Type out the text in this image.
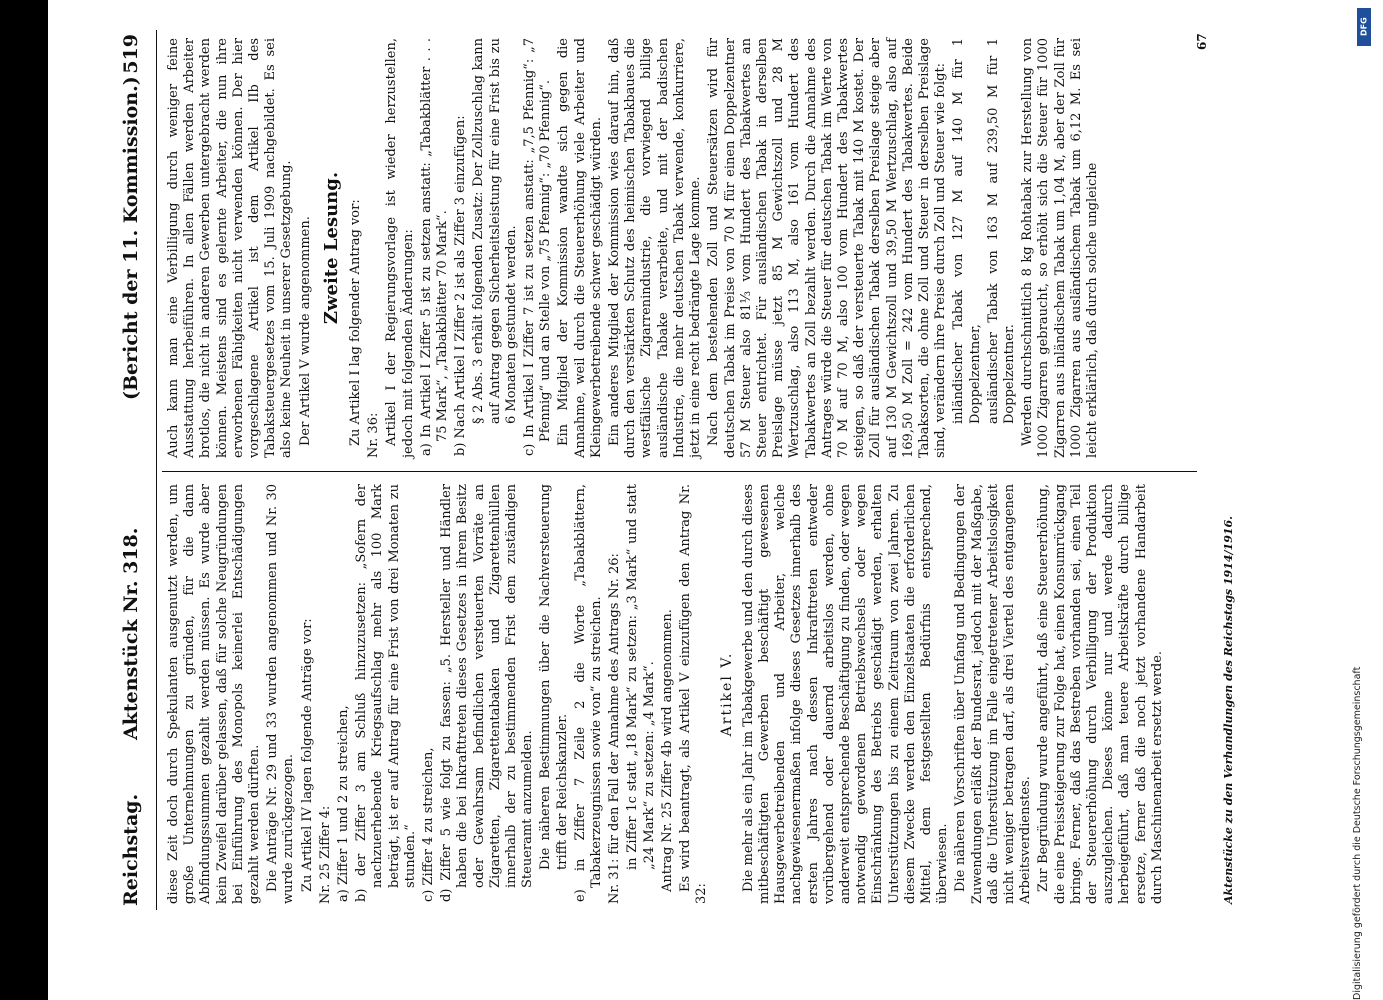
Reichstag.
Aktenstück Nr. 318.
(Bericht der 11. Kommission.)
519

diese Zeit doch durch Spekulanten ausgenutzt werden, um große Unternehmungen zu gründen, für die dann Abfindungssummen gezahlt werden müssen. Es wurde aber kein Zweifel darüber gelassen, daß für solche Neugründungen bei Einführung des Monopols keinerlei Entschädigungen gezahlt werden dürften. Die Anträge Nr. 29 und 33 wurden angenommen und Nr. 30 wurde zurückgezogen. Zu Artikel IV lagen folgende Anträge vor: Nr. 25 Ziffer 4: a) Ziffer 1 und 2 zu streichen, b) der Ziffer 3 am Schluß hinzuzusetzen: „Sofern der nachzuerhebende Kriegsaufschlag mehr als 100 Mark beträgt, ist er auf Antrag für eine Frist von drei Monaten zu stunden.“ c) Ziffer 4 zu streichen, d) Ziffer 5 wie folgt zu fassen: „5. Hersteller und Händler haben die bei Inkrafttreten dieses Gesetzes in ihrem Besitz oder Gewahrsam befindlichen versteuerten Vorräte an Zigaretten, Zigarettentabaken und Zigarettenhüllen innerhalb der zu bestimmenden Frist dem zuständigen Steueramt anzumelden. Die näheren Bestimmungen über die Nachversteuerung trifft der Reichskanzler. e) in Ziffer 7 Zeile 2 die Worte „Tabakblättern, Tabakerzeugnissen sowie von“ zu streichen. Nr. 31: für den Fall der Annahme des Antrags Nr. 26: in Ziffer 1c statt „18 Mark“ zu setzen: „3 Mark“ und statt „24 Mark“ zu setzen: „4 Mark“. Antrag Nr. 25 Ziffer 4b wird angenommen. Es wird beantragt, als Artikel V einzufügen den Antrag Nr. 32:

Artikel V. Die mehr als ein Jahr im Tabakgewerbe und den durch dieses mitbeschäftigten Gewerben beschäftigt gewesenen Hausgewerbetreibenden und Arbeiter, welche nachgewiesenermaßen infolge dieses Gesetzes innerhalb des ersten Jahres nach dessen Inkrafttreten entweder vorübergehend oder dauernd arbeitslos werden, ohne anderweit entsprechende Beschäftigung zu finden, oder wegen notwendig gewordenen Betriebswechsels oder wegen Einschränkung des Betriebs geschädigt werden, erhalten Unterstützungen bis zu einem Zeitraum von zwei Jahren. Zu diesem Zwecke werden den Einzelstaaten die erforderlichen Mittel, dem festgestellten Bedürfnis entsprechend, überwiesen. Die näheren Vorschriften über Umfang und Bedingungen der Zuwendungen erläßt der Bundesrat, jedoch mit der Maßgabe, daß die Unterstützung im Falle eingetretener Arbeitslosigkeit nicht weniger betragen darf, als drei Viertel des entgangenen Arbeitsverdienstes. Zur Begründung wurde angeführt, daß eine Steuererhöhung, die eine Preissteigerung zur Folge hat, einen Konsumrückgang bringe. Ferner, daß das Bestreben vorhanden sei, einen Teil der Steuererhöhung durch Verbilligung der Produktion auszugleichen. Dieses könne nur und werde dadurch herbeigeführt, daß man teuere Arbeitskräfte durch billige ersetze, ferner daß die noch jetzt vorhandene Handarbeit durch Maschinenarbeit ersetzt werde.

Auch kann man eine Verbilligung durch weniger feine Ausstattung herbeiführen. In allen Fällen werden Arbeiter brotlos, die nicht in anderen Gewerben untergebracht werden können. Meistens sind es gelernte Arbeiter, die nun ihre erworbenen Fähigkeiten nicht verwenden können. Der hier vorgeschlagene Artikel ist dem Artikel IIb des Tabaksteuergesetzes vom 15. Juli 1909 nachgebildet. Es sei also keine Neuheit in unserer Gesetzgebung. Der Artikel V wurde angenommen. Zweite Lesung. Zu Artikel I lag folgender Antrag vor: Nr. 36: Artikel I der Regierungsvorlage ist wieder herzustellen, jedoch mit folgenden Änderungen: a) In Artikel I Ziffer 5 ist zu setzen anstatt: „Tabakblätter . . . 75 Mark“, „Tabakblätter 70 Mark“. b) Nach Artikel I Ziffer 2 ist als Ziffer 3 einzufügen: § 2 Abs. 3 erhält folgenden Zusatz: Der Zollzuschlag kann auf Antrag gegen Sicherheitsleistung für eine Frist bis zu 6 Monaten gestundet werden. c) In Artikel I Ziffer 7 ist zu setzen anstatt: „7,5 Pfennig“: „7 Pfennig“ und an Stelle von „75 Pfennig“: „70 Pfennig“. Ein Mitglied der Kommission wandte sich gegen die Annahme, weil durch die Steuererhöhung viele Arbeiter und Kleingewerbetreibende schwer geschädigt würden. Ein anderes Mitglied der Kommission wies darauf hin, daß durch den verstärkten Schutz des heimischen Tabakbaues die westfälische Zigarrenindustrie, die vorwiegend billige ausländische Tabake verarbeite, und mit der badischen Industrie, die mehr deutschen Tabak verwende, konkurriere, jetzt in eine recht bedrängte Lage komme. Nach dem bestehenden Zoll und Steuersätzen wird für deutschen Tabak im Preise von 70 M für einen Doppelzentner 57 M Steuer also 81⅓ vom Hundert des Tabakwertes an Steuer entrichtet. Für ausländischen Tabak in derselben Preislage müsse jetzt 85 M Gewichtszoll und 28 M Wertzuschlag, also 113 M, also 161 vom Hundert des Tabakwertes an Zoll bezahlt werden. Durch die Annahme des Antrages würde die Steuer für deutschen Tabak im Werte von 70 M auf 70 M, also 100 vom Hundert des Tabakwertes steigen, so daß der versteuerte Tabak mit 140 M kostet. Der Zoll für ausländischen Tabak derselben Preislage steige aber auf 130 M Gewichtszoll und 39,50 M Wertzuschlag, also auf 169,50 M Zoll = 242 vom Hundert des Tabakwertes. Beide Tabaksorten, die ohne Zoll und Steuer in derselben Preislage sind, verändern ihre Preise durch Zoll und Steuer wie folgt: inländischer Tabak von 127 M auf 140 M für 1 Doppelzentner, ausländischer Tabak von 163 M auf 239,50 M für 1 Doppelzentner. Werden durchschnittlich 8 kg Rohtabak zur Herstellung von 1000 Zigarren gebraucht, so erhöht sich die Steuer für 1000 Zigarren aus inländischem Tabak um 1,04 M, aber der Zoll für 1000 Zigarren aus ausländischem Tabak um 6,12 M. Es sei leicht erklärlich, daß durch solche ungleiche

Aktenstücke zu den Verhandlungen des Reichstags 1914/1916.
67
Digitalisierung gefördert durch die Deutsche Forschungsgemeinschaft
DFG
